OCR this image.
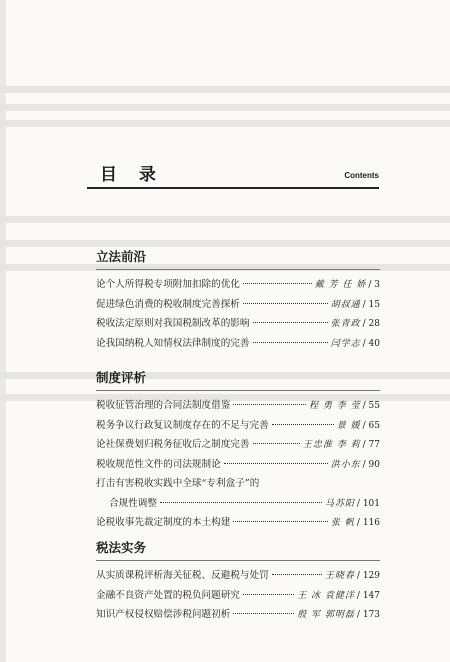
目 录	Contents
立法前沿
论个人所得税专项附加扣除的优化	戴 芳 任 娇 / 3
促进绿色消费的税收制度完善探析	胡叔通 / 15
税收法定原则对我国税制改革的影响	张青政 / 28
论我国纳税人知情权法律制度的完善	闫学志 / 40
制度评析
税收征管治理的合同法制度借鉴	程 勇 李 莹 / 55
税务争议行政复议制度存在的不足与完善	景 媛 / 65
论社保费划归税务征收后之制度完善	王忠淮 李 莉 / 77
税收规范性文件的司法规制论	洪小东 / 90
打击有害税收实践中全球“专利盒子”的
合规性调整	马苏阳 / 101
论税收事先裁定制度的本土构建	张 帆 / 116
税法实务
从实质课税评析海关征税、反避税与处罚	王晓春 / 129
金融不良资产处置的税负问题研究	王 冰 袁健洋 / 147
知识产权侵权赔偿涉税问题初析	殷 军 郭明磊 / 173
